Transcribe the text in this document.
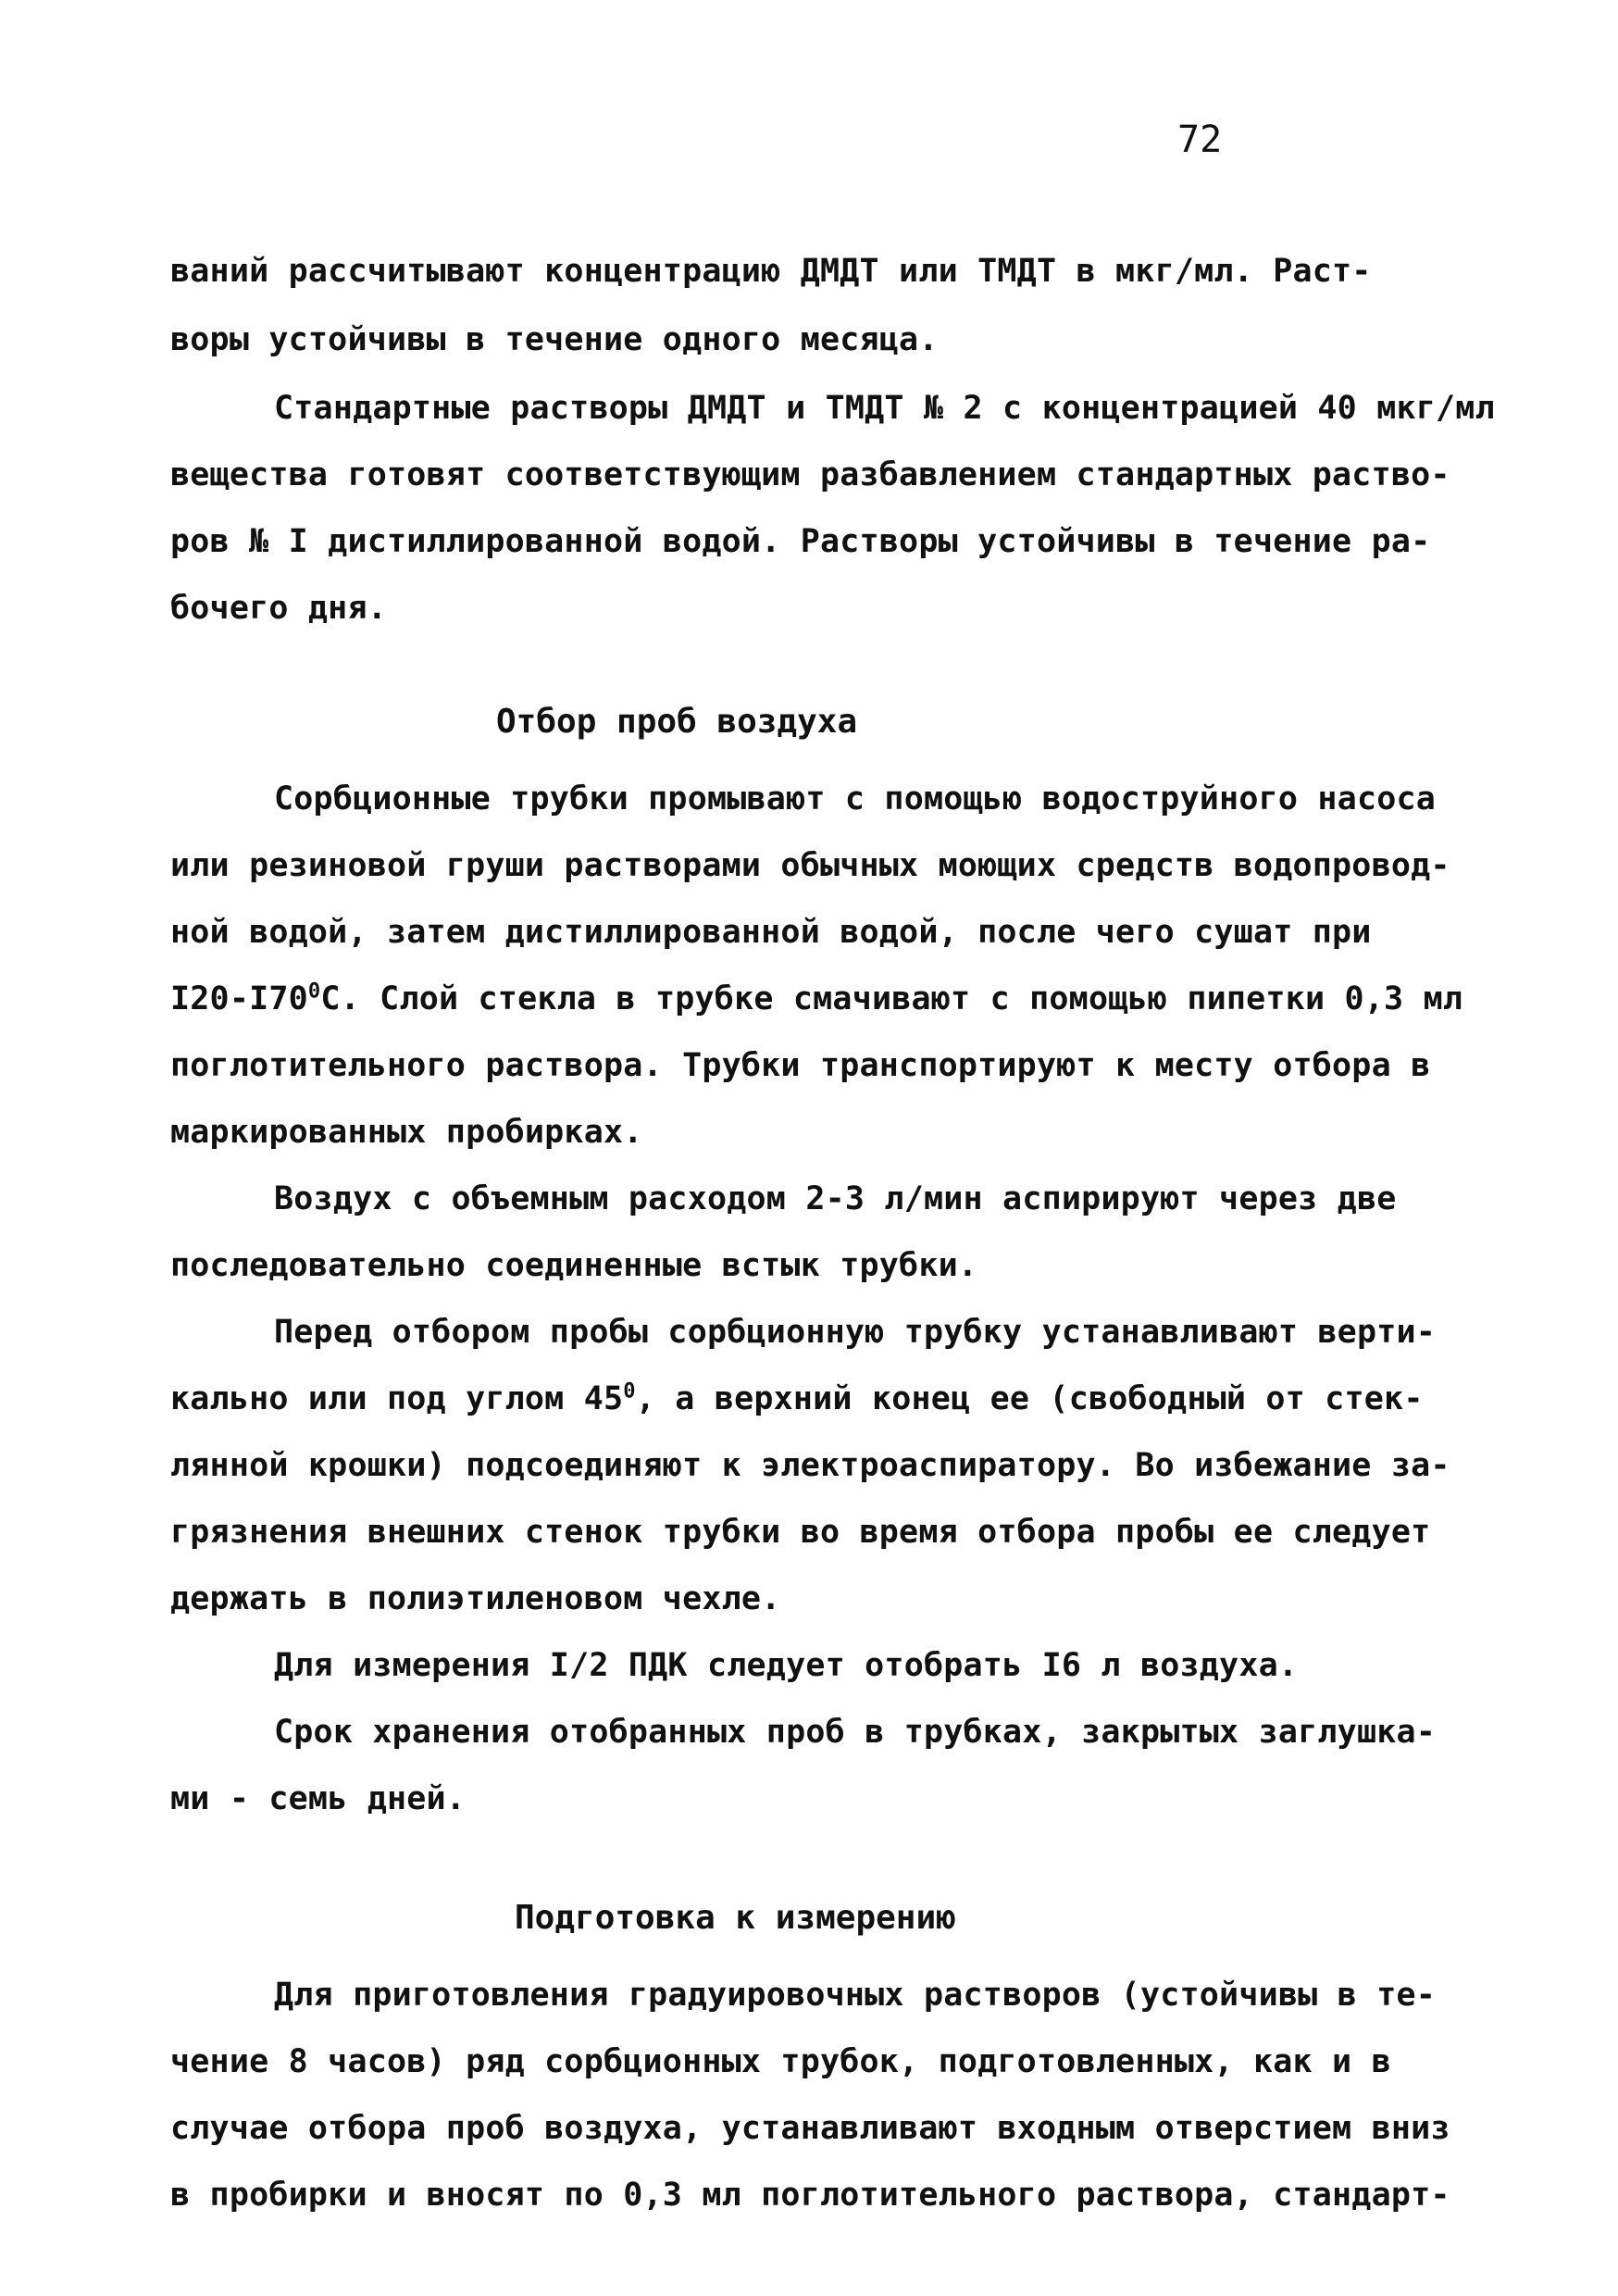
72
ваний рассчитывают концентрацию ДМДТ или ТМДТ в мкг/мл. Раст-
воры устойчивы в течение одного месяца.
Стандартные растворы ДМДТ и ТМДТ № 2 с концентрацией 40 мкг/мл
вещества готовят соответствующим разбавлением стандартных раство-
ров № I дистиллированной водой. Растворы устойчивы в течение ра-
бочего дня.
Отбор проб воздуха
Сорбционные трубки промывают с помощью водоструйного насоса
или резиновой груши растворами обычных моющих средств водопровод-
ной водой, затем дистиллированной водой, после чего сушат при
$I20-I70^0С$. Слой стекла в трубке смачивают с помощью пипетки 0,3 мл
поглотительного раствора. Трубки транспортируют к месту отбора в
маркированных пробирках.
Воздух с объемным расходом 2-3 л/мин аспирируют через две
последовательно соединенные встык трубки.
Перед отбором пробы сорбционную трубку устанавливают верти-
кально или под углом $45^0$, а верхний конец ее (свободный от стек-
лянной крошки) подсоединяют к электроаспиратору. Во избежание за-
грязнения внешних стенок трубки во время отбора пробы ее следует
держать в полиэтиленовом чехле.
Для измерения I/2 ПДК следует отобрать I6 л воздуха.
Срок хранения отобранных проб в трубках, закрытых заглушка-
ми - семь дней.
Подготовка к измерению
Для приготовления градуировочных растворов (устойчивы в те-
чение 8 часов) ряд сорбционных трубок, подготовленных, как и в
случае отбора проб воздуха, устанавливают входным отверстием вниз
в пробирки и вносят по 0,3 мл поглотительного раствора, стандарт-
